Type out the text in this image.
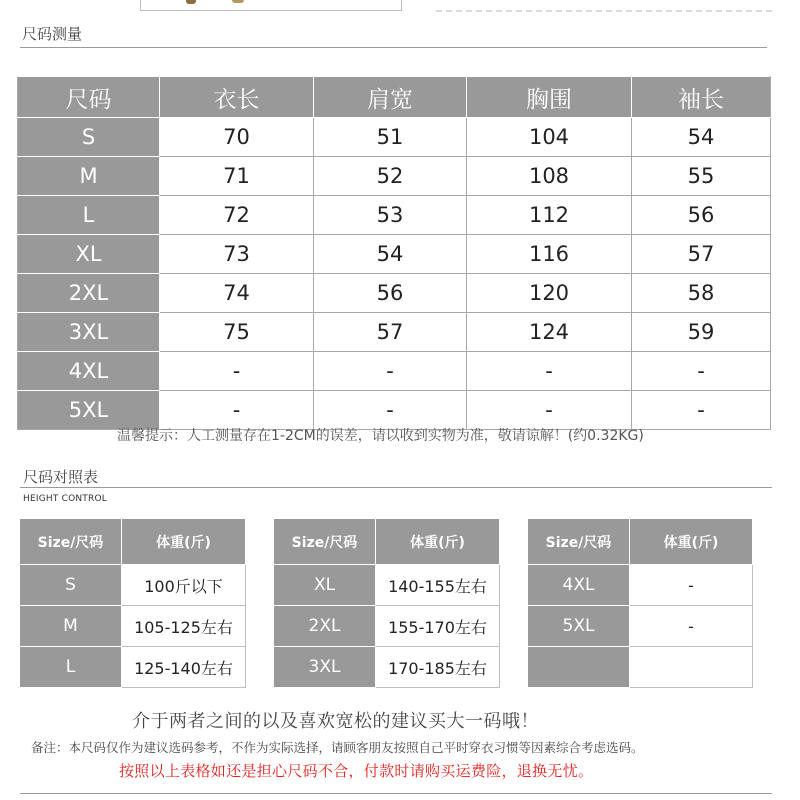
尺码测量
尺码	衣长	肩宽	胸围	袖长
S	70	51	104	54
M	71	52	108	55
L	72	53	112	56
XL	73	54	116	57
2XL	74	56	120	58
3XL	75	57	124	59
4XL	-	-	-	-
5XL	-	-	-	-
温馨提示：人工测量存在1-2CM的误差，请以收到实物为准，敬请谅解！(约0.32KG)
尺码对照表
HEIGHT CONTROL
Size/尺码	体重(斤)
S	100斤以下
M	105-125左右
L	125-140左右
Size/尺码	体重(斤)
XL	140-155左右
2XL	155-170左右
3XL	170-185左右
Size/尺码	体重(斤)
4XL	-
5XL	-

介于两者之间的以及喜欢宽松的建议买大一码哦！
备注：本尺码仅作为建议选码参考，不作为实际选择，请顾客朋友按照自己平时穿衣习惯等因素综合考虑选码。
按照以上表格如还是担心尺码不合，付款时请购买运费险，退换无忧。
